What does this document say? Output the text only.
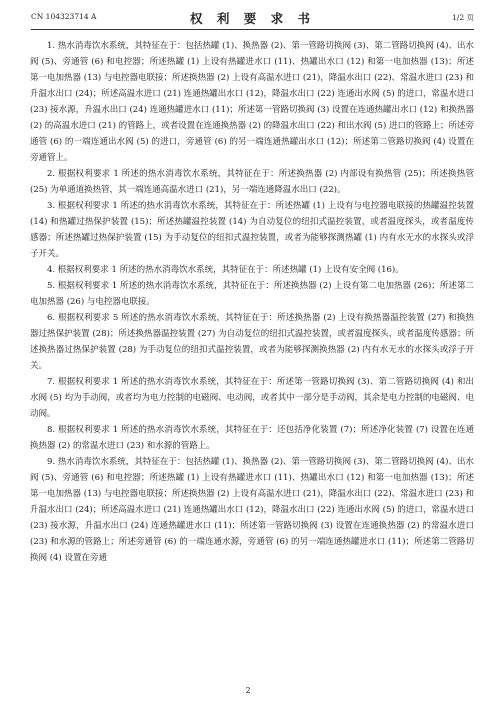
CN 104323714 A	权 利 要 求 书	1/2 页

1. 热水消毒饮水系统，其特征在于：包括热罐 (1)、换热器 (2)、第一管路切换阀 (3)、第二管路切换阀 (4)、出水阀 (5)、旁通管 (6) 和电控器；所述热罐 (1) 上设有热罐进水口 (11)、热罐出水口 (12) 和第一电加热器 (13)；所述第一电加热器 (13) 与电控器电联接；所述换热器 (2) 上设有高温水进口 (21)，降温水出口 (22)、常温水进口 (23) 和升温水出口 (24)；所述高温水进口 (21) 连通热罐出水口 (12)，降温水出口 (22) 连通出水阀 (5) 的进口，常温水进口 (23) 接水源，升温水出口 (24) 连通热罐进水口 (11)；所述第一管路切换阀 (3) 设置在连通热罐出水口 (12) 和换热器 (2) 的高温水进口 (21) 的管路上，或者设置在连通换热器 (2) 的降温水出口 (22) 和出水阀 (5) 进口的管路上；所述旁通管 (6) 的一端连通出水阀 (5) 的进口，旁通管 (6) 的另一端连通热罐出水口 (12)；所述第二管路切换阀 (4) 设置在旁通管上。

2. 根据权利要求 1 所述的热水消毒饮水系统，其特征在于：所述换热器 (2) 内部设有换热管 (25)；所述换热管 (25) 为单通道换热管，其一端连通高温水进口 (21)，另一端连通降温水出口 (22)。

3. 根据权利要求 1 所述的热水消毒饮水系统，其特征在于：所述热罐 (1) 上设有与电控器电联接的热罐温控装置 (14) 和热罐过热保护装置 (15)；所述热罐温控装置 (14) 为自动复位的纽扣式温控装置，或者温度探头，或者温度传感器；所述热罐过热保护装置 (15) 为手动复位的纽扣式温控装置，或者为能够探测热罐 (1) 内有水无水的水探头或浮子开关。

4. 根据权利要求 1 所述的热水消毒饮水系统，其特征在于：所述热罐 (1) 上设有安全阀 (16)。

5. 根据权利要求 1 所述的热水消毒饮水系统，其特征在于：所述换热器 (2) 上设有第二电加热器 (26)；所述第二电加热器 (26) 与电控器电联接。

6. 根据权利要求 5 所述的热水消毒饮水系统，其特征在于：所述换热器 (2) 上设有换热器温控装置 (27) 和换热器过热保护装置 (28)；所述换热器温控装置 (27) 为自动复位的纽扣式温控装置，或者温度探头，或者温度传感器；所述换热器过热保护装置 (28) 为手动复位的纽扣式温控装置，或者为能够探测换热器 (2) 内有水无水的水探头或浮子开关。

7. 根据权利要求 1 所述的热水消毒饮水系统，其特征在于：所述第一管路切换阀 (3)、第二管路切换阀 (4) 和出水阀 (5) 均为手动阀，或者均为电力控制的电磁阀、电动阀，或者其中一部分是手动阀，其余是电力控制的电磁阀、电动阀。

8. 根据权利要求 1 所述的热水消毒饮水系统，其特征在于：还包括净化装置 (7)；所述净化装置 (7) 设置在连通换热器 (2) 的常温水进口 (23) 和水源的管路上。

9. 热水消毒饮水系统，其特征在于：包括热罐 (1)、换热器 (2)、第一管路切换阀 (3)、第二管路切换阀 (4)、出水阀 (5)、旁通管 (6) 和电控器；所述热罐 (1) 上设有热罐进水口 (11)、热罐出水口 (12) 和第一电加热器 (13)；所述第一电加热器 (13) 与电控器电联接；所述换热器 (2) 上设有高温水进口 (21)，降温水出口 (22)、常温水进口 (23) 和升温水出口 (24)；所述高温水进口 (21) 连通热罐出水口 (12)，降温水出口 (22) 连通出水阀 (5) 的进口，常温水进口 (23) 接水源，升温水出口 (24) 连通热罐进水口 (11)；所述第一管路切换阀 (3) 设置在连通换热器 (2) 的常温水进口 (23) 和水源的管路上；所述旁通管 (6) 的一端连通水源，旁通管 (6) 的另一端连通热罐进水口 (11)；所述第二管路切换阀 (4) 设置在旁通

2
